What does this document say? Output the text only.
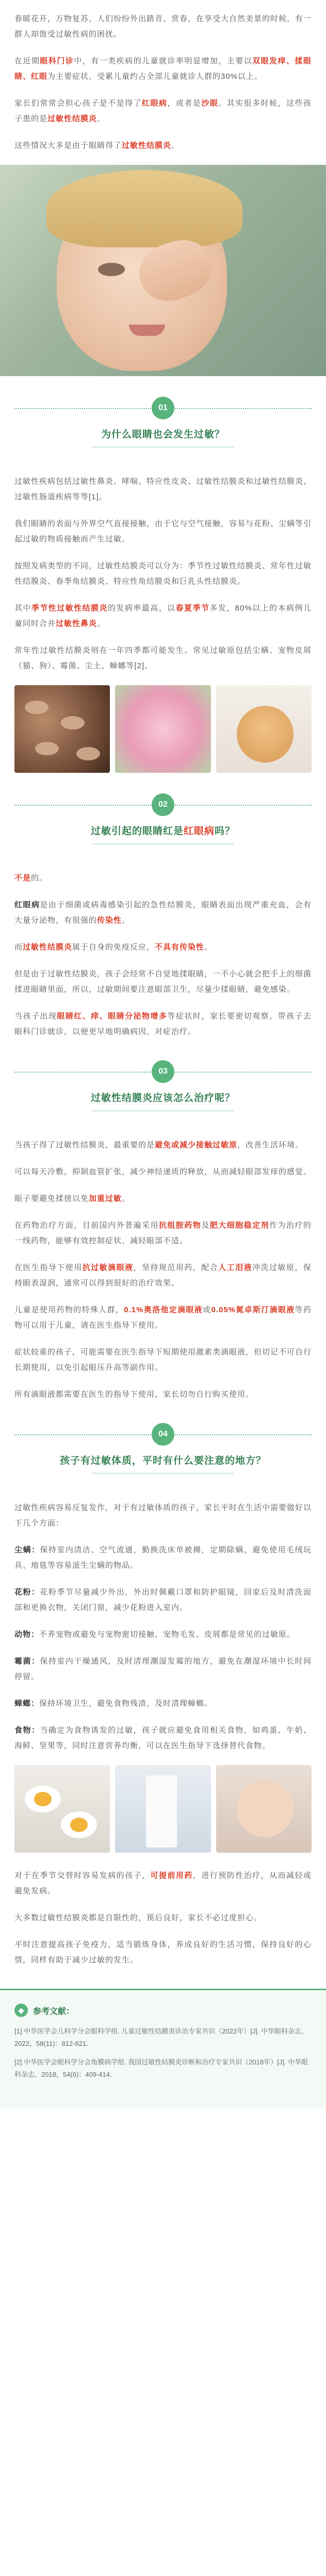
春暖花开，万物复苏，人们纷纷外出踏青、赏春，在享受大自然美景的时候，有一群人却饱受过敏性病的困扰。

在近期眼科门诊中，有一类疾病的儿童就诊率明显增加，主要以双眼发痒、揉眼睛、红眼为主要症状，受累儿童约占全部儿童就诊人群的30%以上。

家长们常常会担心孩子是不是得了红眼病，或者是沙眼。其实很多时候，这些孩子患的是过敏性结膜炎。

这些情况大多是由于眼睛得了过敏性结膜炎。

01
为什么眼睛也会发生过敏？

过敏性疾病包括过敏性鼻炎、哮喘、特应性皮炎、过敏性结膜炎和过敏性结膜炎、过敏性肠道疾病等等[1]。

我们眼睛的表面与外界空气直接接触，由于它与空气接触，容易与花粉、尘螨等引起过敏的物质接触而产生过敏。

按照发病类型的不同，过敏性结膜炎可以分为：季节性过敏性结膜炎、常年性过敏性结膜炎、春季角结膜炎、特应性角结膜炎和巨乳头性结膜炎。

其中季节性过敏性结膜炎的发病率最高，以春夏季节多发，80%以上的本病例儿童同时合并过敏性鼻炎。

常年性过敏性结膜炎则在一年四季都可能发生。常见过敏原包括尘螨、宠物皮屑（猫、狗）、霉菌、尘土、蟑螂等[2]。

02
过敏引起的眼睛红是红眼病吗？

不是的。

红眼病是由于细菌或病毒感染引起的急性结膜炎，眼睛表面出现严重充血，会有大量分泌物，有很强的传染性。

而过敏性结膜炎属于自身的免疫反应，不具有传染性。

但是由于过敏性结膜炎，孩子会经常不自觉地揉眼睛，一不小心就会把手上的细菌揉进眼睛里面，所以，过敏期间要注意眼部卫生，尽量少揉眼睛，避免感染。

当孩子出现眼睛红、痒、眼睛分泌物增多等症状时，家长要密切观察，带孩子去眼科门诊就诊，以便更早地明确病因，对症治疗。

03
过敏性结膜炎应该怎么治疗呢？

当孩子得了过敏性结膜炎，最重要的是避免或减少接触过敏原，改善生活环境。

可以每天冷敷，抑制血管扩张，减少神经递质的释放，从而减轻眼部发痒的感觉。

眼子要避免揉搓以免加重过敏。

在药物治疗方面，目前国内外普遍采用抗组胺药物及肥大细胞稳定剂作为治疗的一线药物，能够有效控制症状、减轻眼部不适。

在医生指导下使用抗过敏滴眼液，坚持规范用药，配合人工泪液冲洗过敏原，保持眼表湿润，通常可以得到很好的治疗效果。

儿童是使用药物的特殊人群，0.1%奥洛他定滴眼液或0.05%氮卓斯汀滴眼液等药物可以用于儿童，请在医生指导下使用。

症状较重的孩子，可能需要在医生指导下短期使用激素类滴眼液，但切记不可自行长期使用，以免引起眼压升高等副作用。

所有滴眼液都需要在医生的指导下使用，家长切勿自行购买使用。

04
孩子有过敏体质，平时有什么要注意的地方？

过敏性疾病容易反复发作，对于有过敏体质的孩子，家长平时在生活中需要做好以下几个方面：

尘螨：保持室内清洁、空气流通，勤换洗床单被褥，定期除螨，避免使用毛绒玩具、地毯等容易滋生尘螨的物品。

花粉：花粉季节尽量减少外出，外出时佩戴口罩和防护眼镜，回家后及时清洗面部和更换衣物，关闭门窗，减少花粉进入室内。

动物：不养宠物或避免与宠物密切接触，宠物毛发、皮屑都是常见的过敏原。

霉菌：保持室内干燥通风，及时清理潮湿发霉的地方，避免在潮湿环境中长时间停留。

蟑螂：保持环境卫生，避免食物残渣，及时清理蟑螂。

食物：当确定为食物诱发的过敏，孩子就应避免食用相关食物，如鸡蛋、牛奶、海鲜、坚果等，同时注意营养均衡，可以在医生指导下选择替代食物。

对于在季节交替时容易发病的孩子，可提前用药，进行预防性治疗，从而减轻或避免发病。

大多数过敏性结膜炎都是自限性的，预后良好，家长不必过度担心。

平时注意提高孩子免疫力，适当锻炼身体，养成良好的生活习惯，保持良好的心情，同样有助于减少过敏的发生。

◆	参考文献：

[1] 中华医学会儿科学分会眼科学组. 儿童过敏性结膜炎诊治专家共识（2022年）[J]. 中华眼科杂志，2022，58(11)：812-821.

[2] 中华医学会眼科学分会角膜病学组. 我国过敏性结膜炎诊断和治疗专家共识（2018年）[J]. 中华眼科杂志，2018，54(6)：409-414.
